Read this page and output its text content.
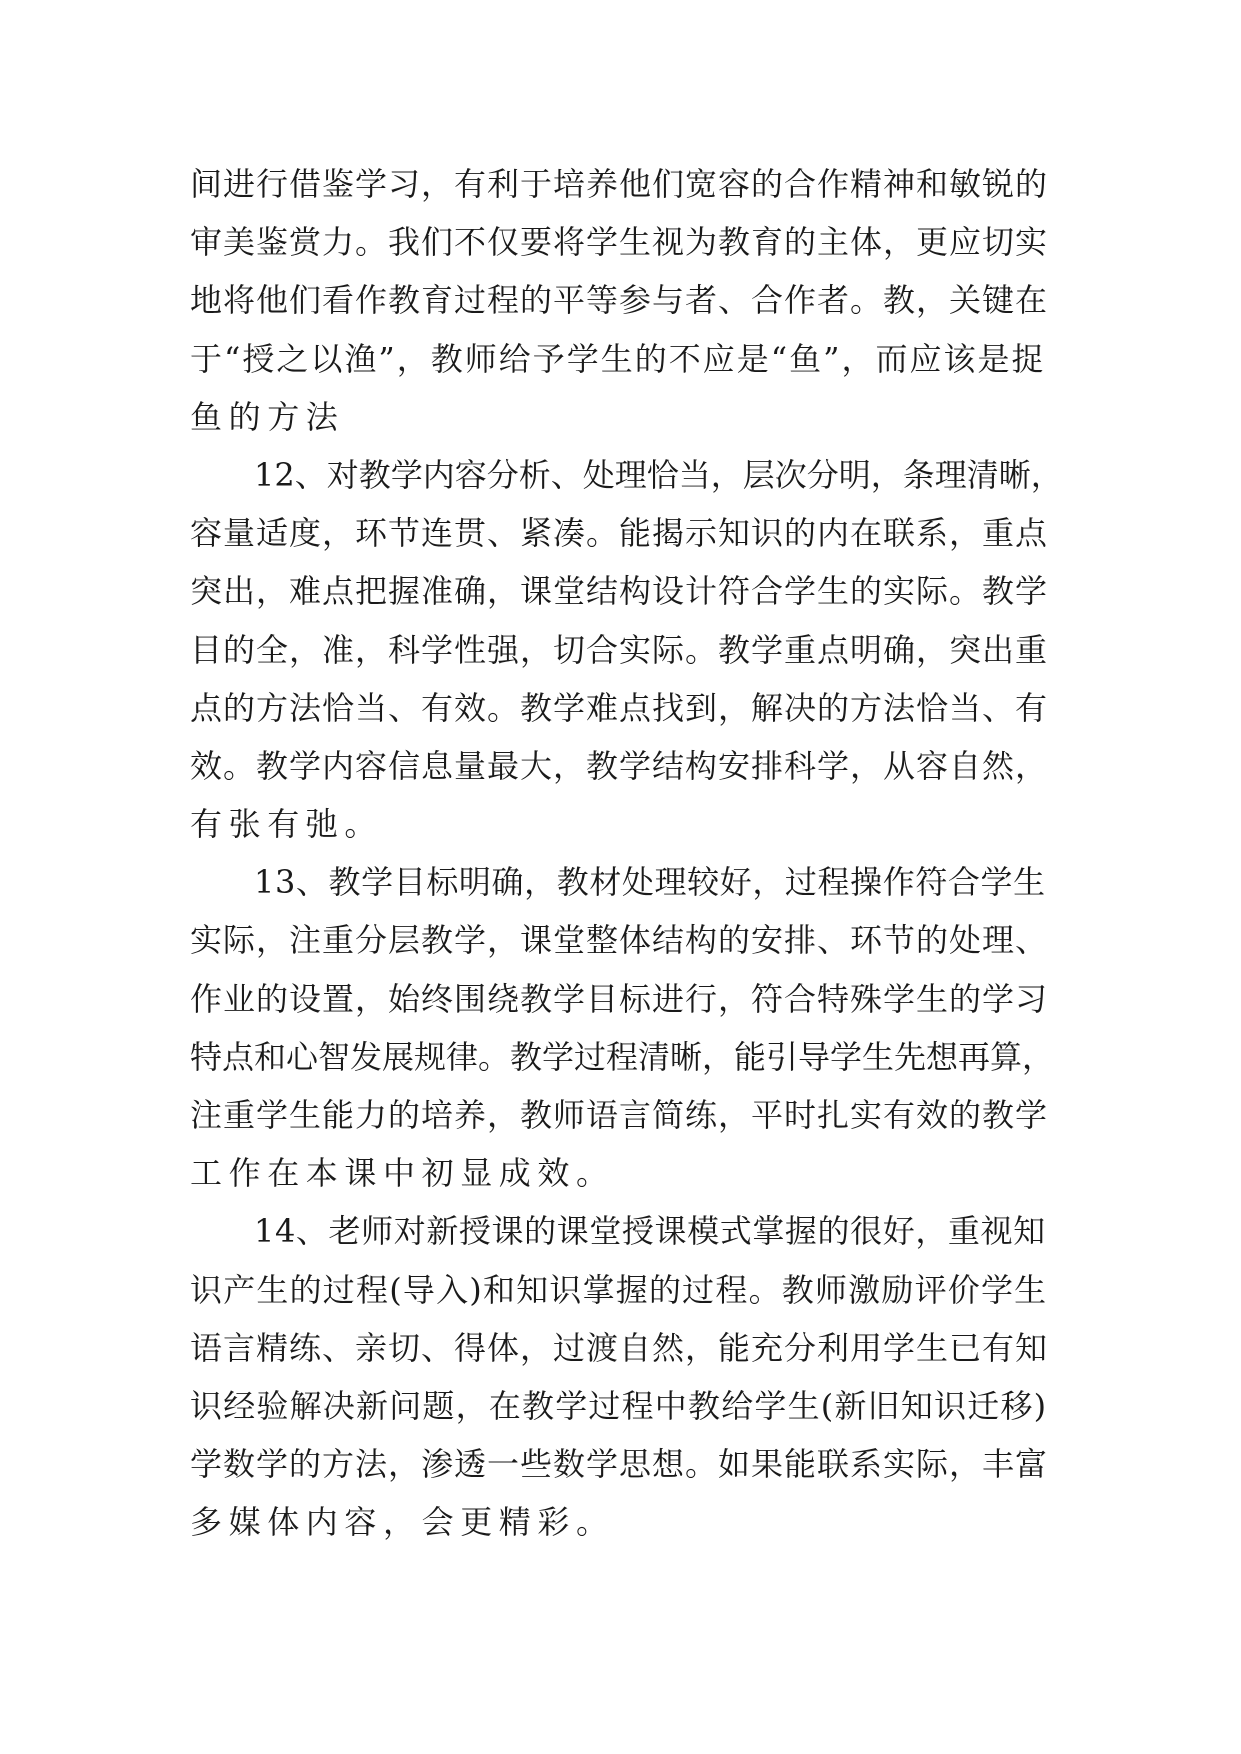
间进行借鉴学习，有利于培养他们宽容的合作精神和敏锐的
审美鉴赏力。我们不仅要将学生视为教育的主体，更应切实
地将他们看作教育过程的平等参与者、合作者。教，关键在
于“授之以渔”，教师给予学生的不应是“鱼”，而应该是捉
鱼的方法
12、对教学内容分析、处理恰当，层次分明，条理清晰，
容量适度，环节连贯、紧凑。能揭示知识的内在联系，重点
突出，难点把握准确，课堂结构设计符合学生的实际。教学
目的全，准，科学性强，切合实际。教学重点明确，突出重
点的方法恰当、有效。教学难点找到，解决的方法恰当、有
效。教学内容信息量最大，教学结构安排科学，从容自然，
有张有弛。
13、教学目标明确，教材处理较好，过程操作符合学生
实际，注重分层教学，课堂整体结构的安排、环节的处理、
作业的设置，始终围绕教学目标进行，符合特殊学生的学习
特点和心智发展规律。教学过程清晰，能引导学生先想再算，
注重学生能力的培养，教师语言简练，平时扎实有效的教学
工作在本课中初显成效。
14、老师对新授课的课堂授课模式掌握的很好，重视知
识产生的过程(导入)和知识掌握的过程。教师激励评价学生
语言精练、亲切、得体，过渡自然，能充分利用学生已有知
识经验解决新问题，在教学过程中教给学生(新旧知识迁移)
学数学的方法，渗透一些数学思想。如果能联系实际，丰富
多媒体内容，会更精彩。
